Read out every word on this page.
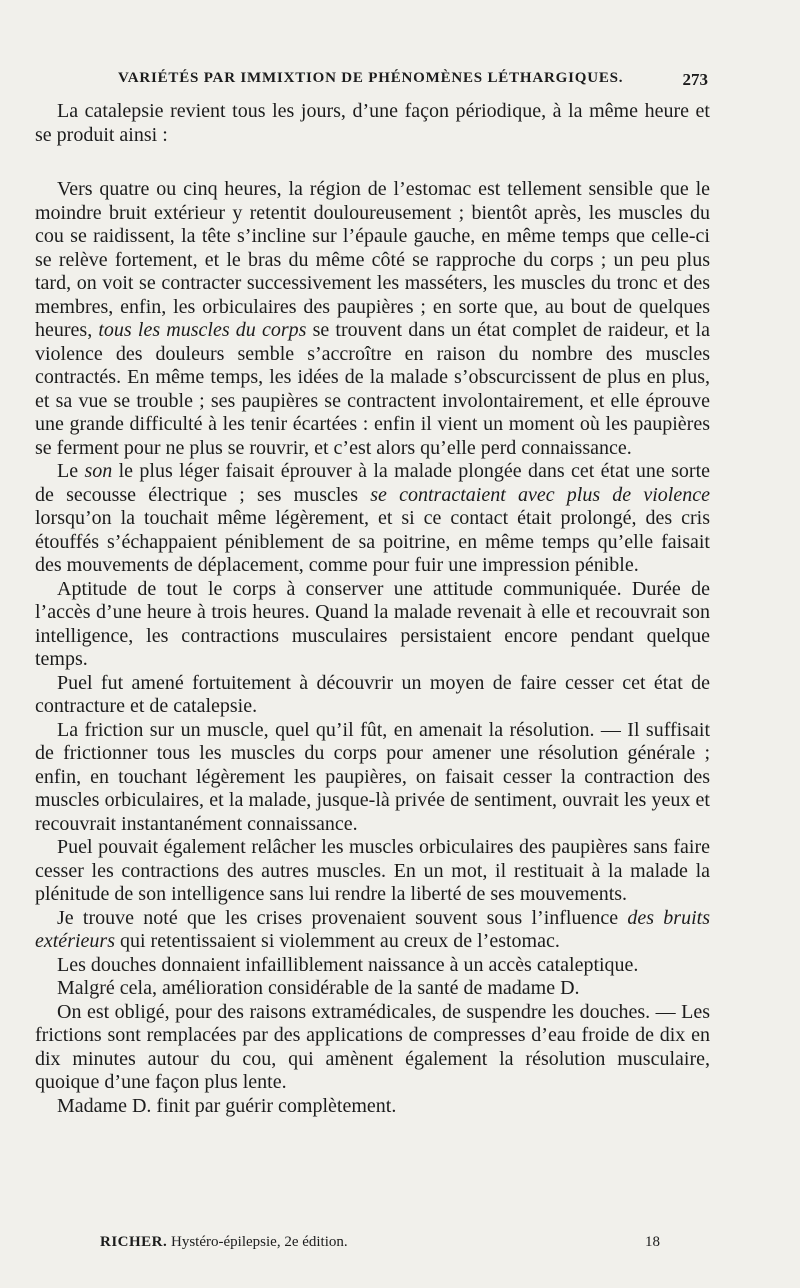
VARIÉTÉS PAR IMMIXTION DE PHÉNOMÈNES LÉTHARGIQUES.	273

La catalepsie revient tous les jours, d’une façon périodique, à la même heure et se produit ainsi :

Vers quatre ou cinq heures, la région de l’estomac est tellement sensible que le moindre bruit extérieur y retentit douloureusement ; bientôt après, les muscles du cou se raidissent, la tête s’incline sur l’épaule gauche, en même temps que celle-ci se relève fortement, et le bras du même côté se rapproche du corps ; un peu plus tard, on voit se contracter successivement les masséters, les muscles du tronc et des membres, enfin, les orbiculaires des paupières ; en sorte que, au bout de quelques heures, tous les muscles du corps se trouvent dans un état complet de raideur, et la violence des douleurs semble s’accroître en raison du nombre des muscles contractés. En même temps, les idées de la malade s’obscurcissent de plus en plus, et sa vue se trouble ; ses paupières se contractent involontairement, et elle éprouve une grande difficulté à les tenir écartées : enfin il vient un moment où les paupières se ferment pour ne plus se rouvrir, et c’est alors qu’elle perd connaissance.

Le son le plus léger faisait éprouver à la malade plongée dans cet état une sorte de secousse électrique ; ses muscles se contractaient avec plus de violence lorsqu’on la touchait même légèrement, et si ce contact était prolongé, des cris étouffés s’échappaient péniblement de sa poitrine, en même temps qu’elle faisait des mouvements de déplacement, comme pour fuir une impression pénible.

Aptitude de tout le corps à conserver une attitude communiquée. Durée de l’accès d’une heure à trois heures. Quand la malade revenait à elle et recouvrait son intelligence, les contractions musculaires persistaient encore pendant quelque temps.

Puel fut amené fortuitement à découvrir un moyen de faire cesser cet état de contracture et de catalepsie.

La friction sur un muscle, quel qu’il fût, en amenait la résolution. — Il suffisait de frictionner tous les muscles du corps pour amener une résolution générale ; enfin, en touchant légèrement les paupières, on faisait cesser la contraction des muscles orbiculaires, et la malade, jusque-là privée de sentiment, ouvrait les yeux et recouvrait instantanément connaissance.

Puel pouvait également relâcher les muscles orbiculaires des paupières sans faire cesser les contractions des autres muscles. En un mot, il restituait à la malade la plénitude de son intelligence sans lui rendre la liberté de ses mouvements.

Je trouve noté que les crises provenaient souvent sous l’influence des bruits extérieurs qui retentissaient si violemment au creux de l’estomac.

Les douches donnaient infailliblement naissance à un accès cataleptique.

Malgré cela, amélioration considérable de la santé de madame D.

On est obligé, pour des raisons extramédicales, de suspendre les douches. — Les frictions sont remplacées par des applications de compresses d’eau froide de dix en dix minutes autour du cou, qui amènent également la résolution musculaire, quoique d’une façon plus lente.

Madame D. finit par guérir complètement.

RICHER. Hystéro-épilepsie, 2e édition.	18
